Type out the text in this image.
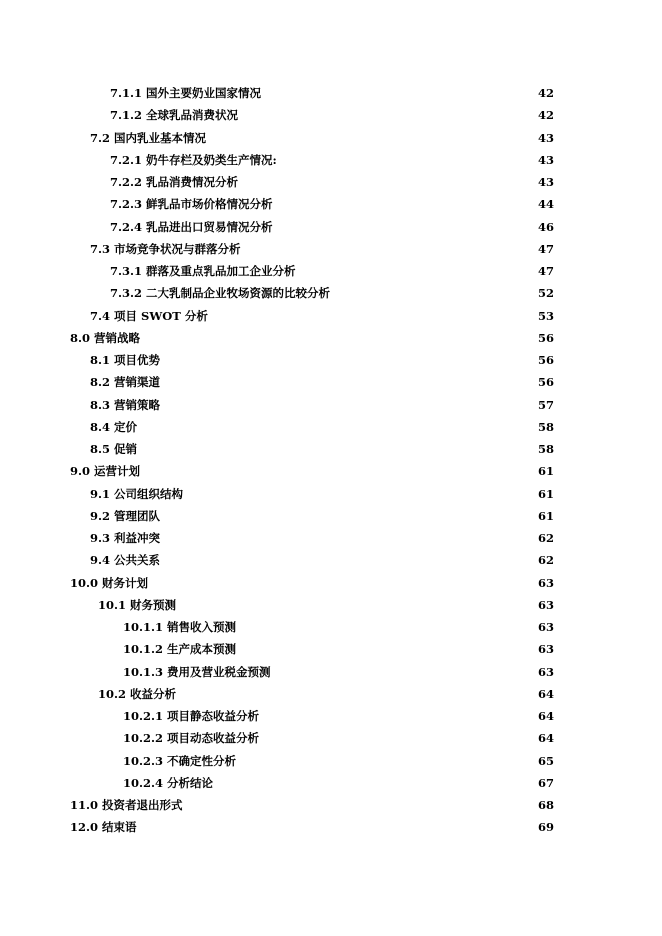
7.1.1 国外主要奶业国家情况	42
7.1.2 全球乳品消费状况	42
7.2 国内乳业基本情况	43
7.2.1 奶牛存栏及奶类生产情况:	43
7.2.2 乳品消费情况分析	43
7.2.3 鲜乳品市场价格情况分析	44
7.2.4 乳品进出口贸易情况分析	46
7.3 市场竞争状况与群落分析	47
7.3.1 群落及重点乳品加工企业分析	47
7.3.2 二大乳制品企业牧场资源的比较分析	52
7.4 项目 SWOT 分析	53
8.0 营销战略	56
8.1 项目优势	56
8.2 营销渠道	56
8.3 营销策略	57
8.4 定价	58
8.5 促销	58
9.0 运营计划	61
9.1 公司组织结构	61
9.2 管理团队	61
9.3 利益冲突	62
9.4 公共关系	62
10.0 财务计划	63
10.1 财务预测	63
10.1.1 销售收入预测	63
10.1.2 生产成本预测	63
10.1.3 费用及营业税金预测	63
10.2 收益分析	64
10.2.1 项目静态收益分析	64
10.2.2 项目动态收益分析	64
10.2.3 不确定性分析	65
10.2.4 分析结论	67
11.0 投资者退出形式	68
12.0 结束语	69
